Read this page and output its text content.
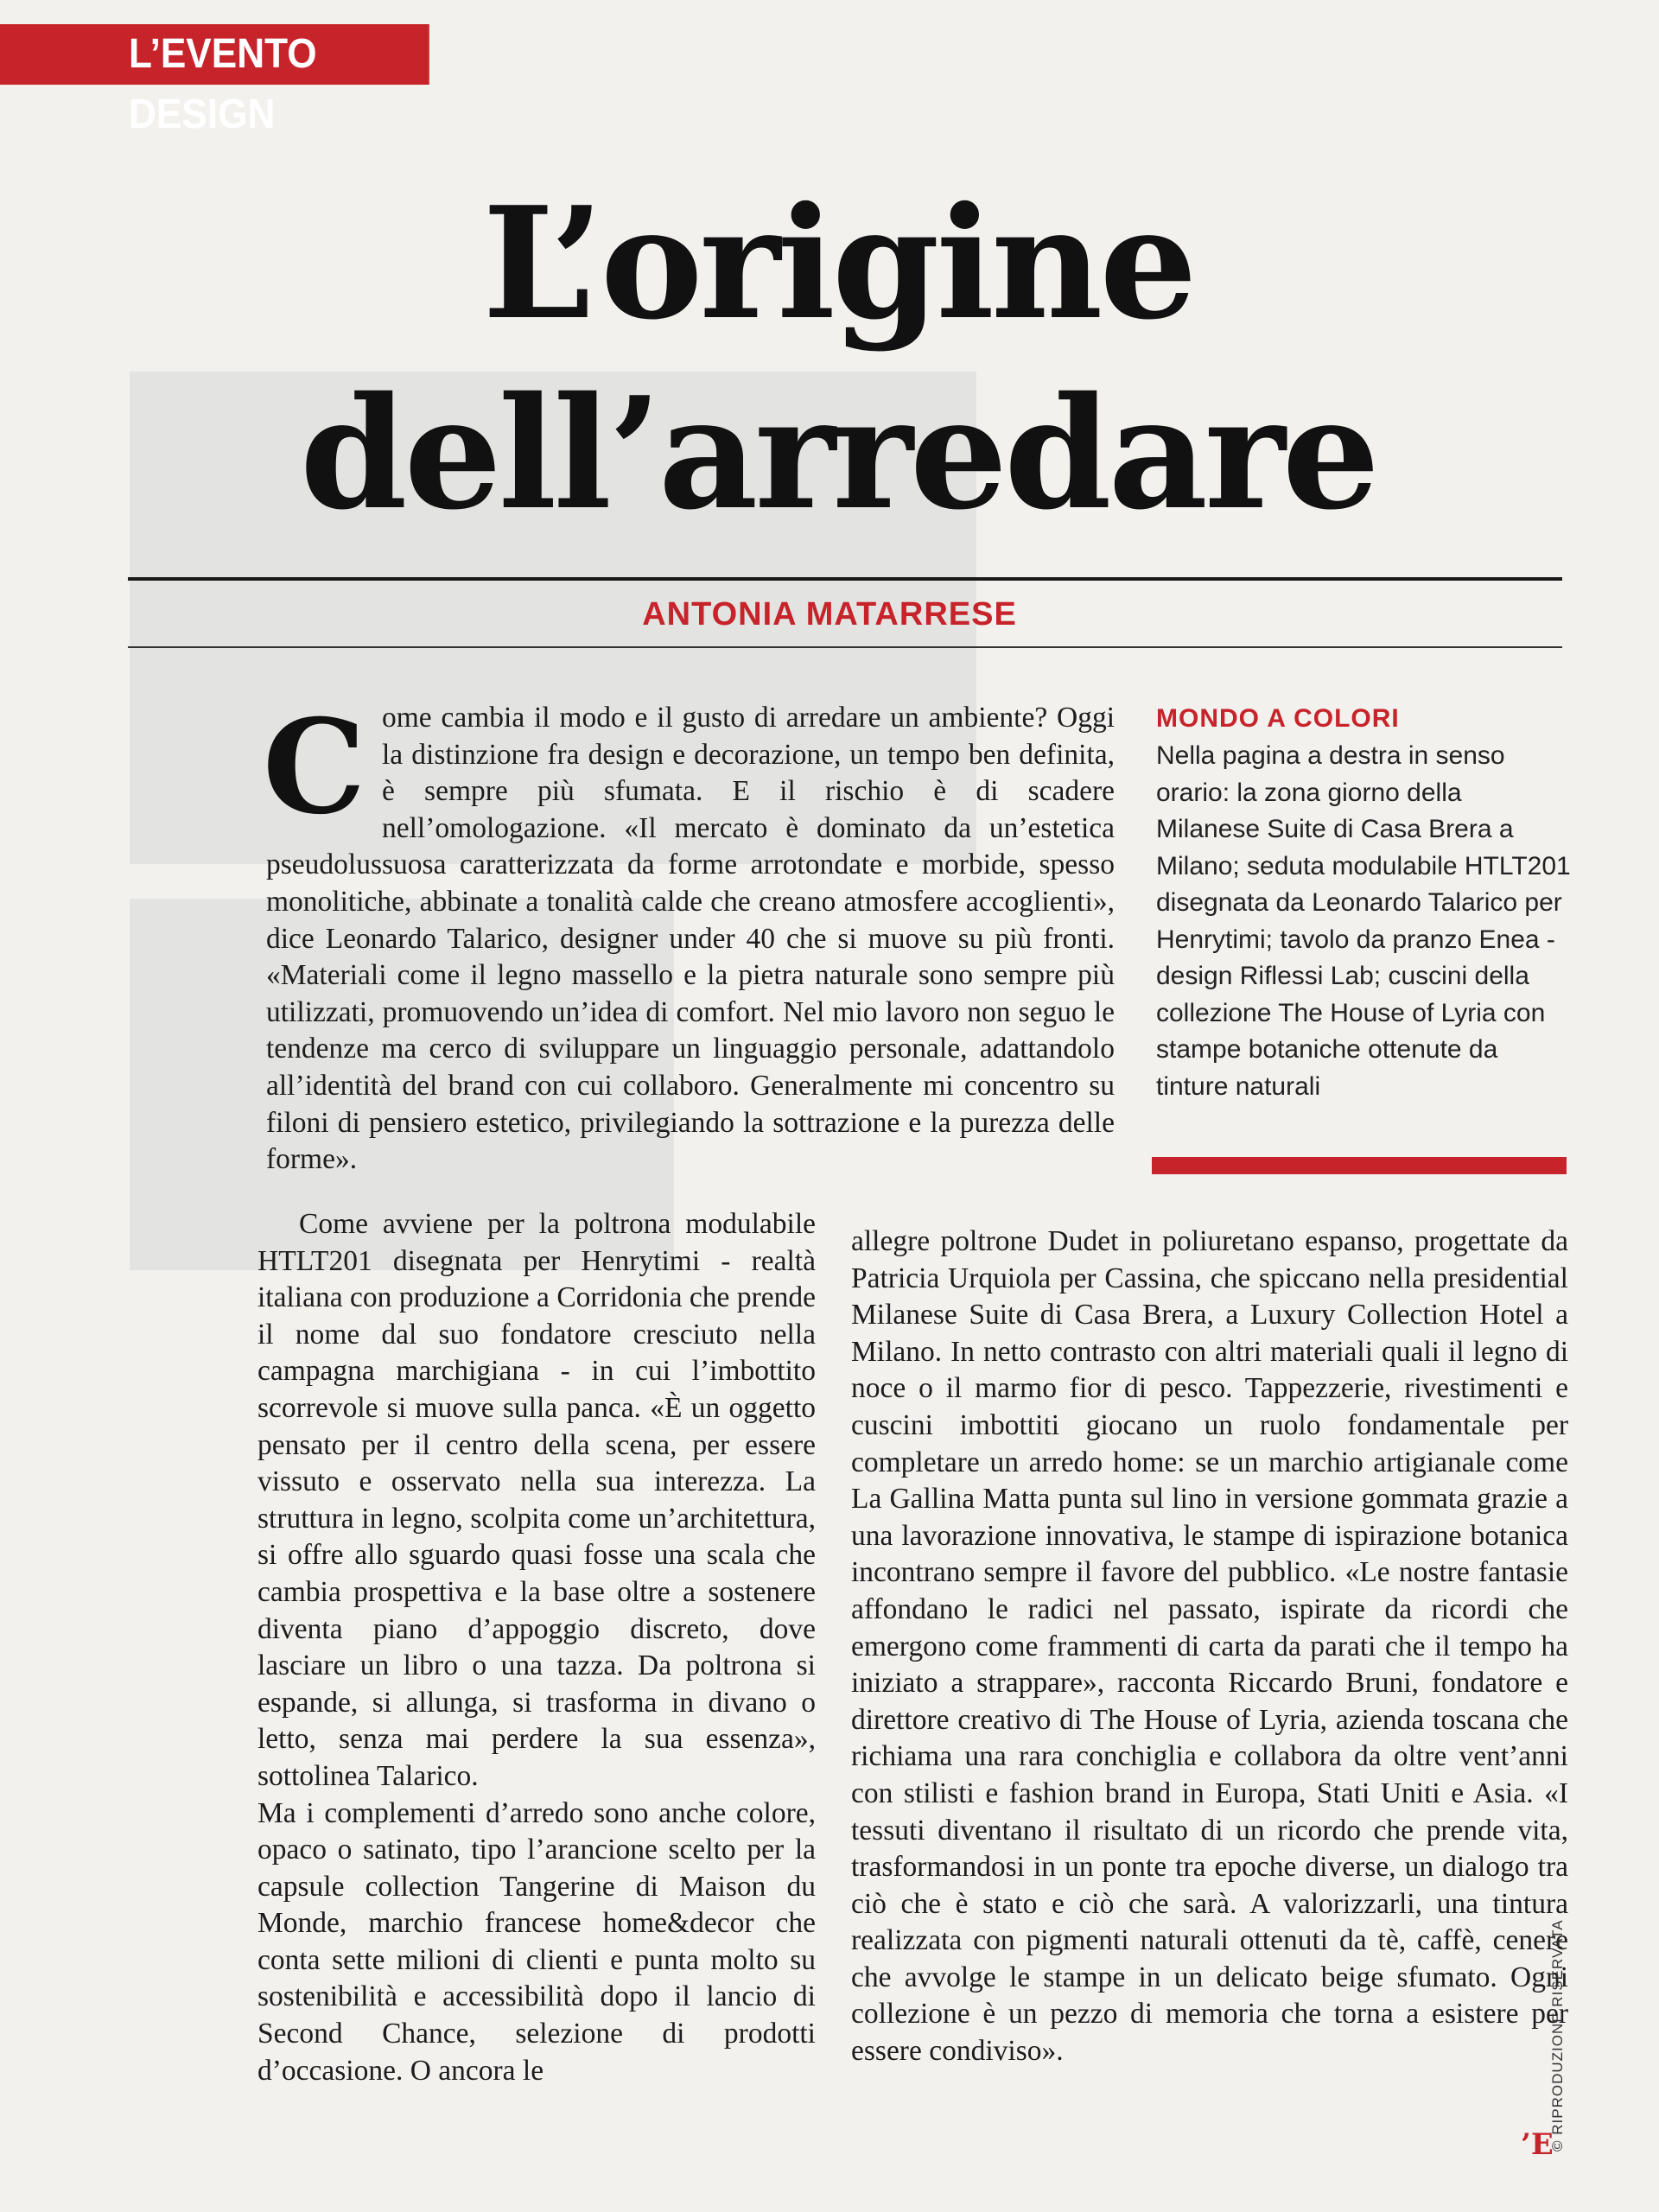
L’EVENTO DESIGN
L’origine
dell’arredare
ANTONIA MATARRESE
C ome cambia il modo e il gusto di arredare un ambiente? Oggi la distinzione fra design e decorazione, un tempo ben definita, è sempre più sfumata. E il rischio è di scadere nell’omologazione. «Il mercato è dominato da un’estetica pseudolussuosa caratterizzata da forme arrotondate e morbide, spesso monolitiche, abbinate a tonalità calde che creano atmosfere accoglienti», dice Leonardo Talarico, designer under 40 che si muove su più fronti. «Materiali come il legno massello e la pietra naturale sono sempre più utilizzati, promuovendo un’idea di comfort. Nel mio lavoro non seguo le tendenze ma cerco di sviluppare un linguaggio personale, adattandolo all’identità del brand con cui collaboro. Generalmente mi concentro su filoni di pensiero estetico, privilegiando la sottrazione e la purezza delle forme».

Come avviene per la poltrona modulabile HTLT201 disegnata per Henrytimi - realtà italiana con produzione a Corridonia che prende il nome dal suo fondatore cresciuto nella campagna marchigiana - in cui l’imbottito scorrevole si muove sulla panca. «È un oggetto pensato per il centro della scena, per essere vissuto e osservato nella sua interezza. La struttura in legno, scolpita come un’architettura, si offre allo sguardo quasi fosse una scala che cambia prospettiva e la base oltre a sostenere diventa piano d’appoggio discreto, dove lasciare un libro o una tazza. Da poltrona si espande, si allunga, si trasforma in divano o letto, senza mai perdere la sua essenza», sottolinea Talarico.

Ma i complementi d’arredo sono anche colore, opaco o satinato, tipo l’arancione scelto per la capsule collection Tangerine di Maison du Monde, marchio francese home&decor che conta sette milioni di clienti e punta molto su sostenibilità e accessibilità dopo il lancio di Second Chance, selezione di prodotti d’occasione. O ancora le

allegre poltrone Dudet in poliuretano espanso, progettate da Patricia Urquiola per Cassina, che spiccano nella presidential Milanese Suite di Casa Brera, a Luxury Collection Hotel a Milano. In netto contrasto con altri materiali quali il legno di noce o il marmo fior di pesco. Tappezzerie, rivestimenti e cuscini imbottiti giocano un ruolo fondamentale per completare un arredo home: se un marchio artigianale come La Gallina Matta punta sul lino in versione gommata grazie a una lavorazione innovativa, le stampe di ispirazione botanica incontrano sempre il favore del pubblico. «Le nostre fantasie affondano le radici nel passato, ispirate da ricordi che emergono come frammenti di carta da parati che il tempo ha iniziato a strappare», racconta Riccardo Bruni, fondatore e direttore creativo di The House of Lyria, azienda toscana che richiama una rara conchiglia e collabora da oltre vent’anni con stilisti e fashion brand in Europa, Stati Uniti e Asia. «I tessuti diventano il risultato di un ricordo che prende vita, trasformandosi in un ponte tra epoche diverse, un dialogo tra ciò che è stato e ciò che sarà. A valorizzarli, una tintura realizzata con pigmenti naturali ottenuti da tè, caffè, cenere che avvolge le stampe in un delicato beige sfumato. Ogni collezione è un pezzo di memoria che torna a esistere per essere condiviso».

MONDO A COLORI
Nella pagina a destra in senso orario: la zona giorno della Milanese Suite di Casa Brera a Milano; seduta modulabile HTLT201 disegnata da Leonardo Talarico per Henrytimi; tavolo da pranzo Enea - design Riflessi Lab; cuscini della collezione The House of Lyria con stampe botaniche ottenute da tinture naturali
’E
© RIPRODUZIONE RISERVATA
